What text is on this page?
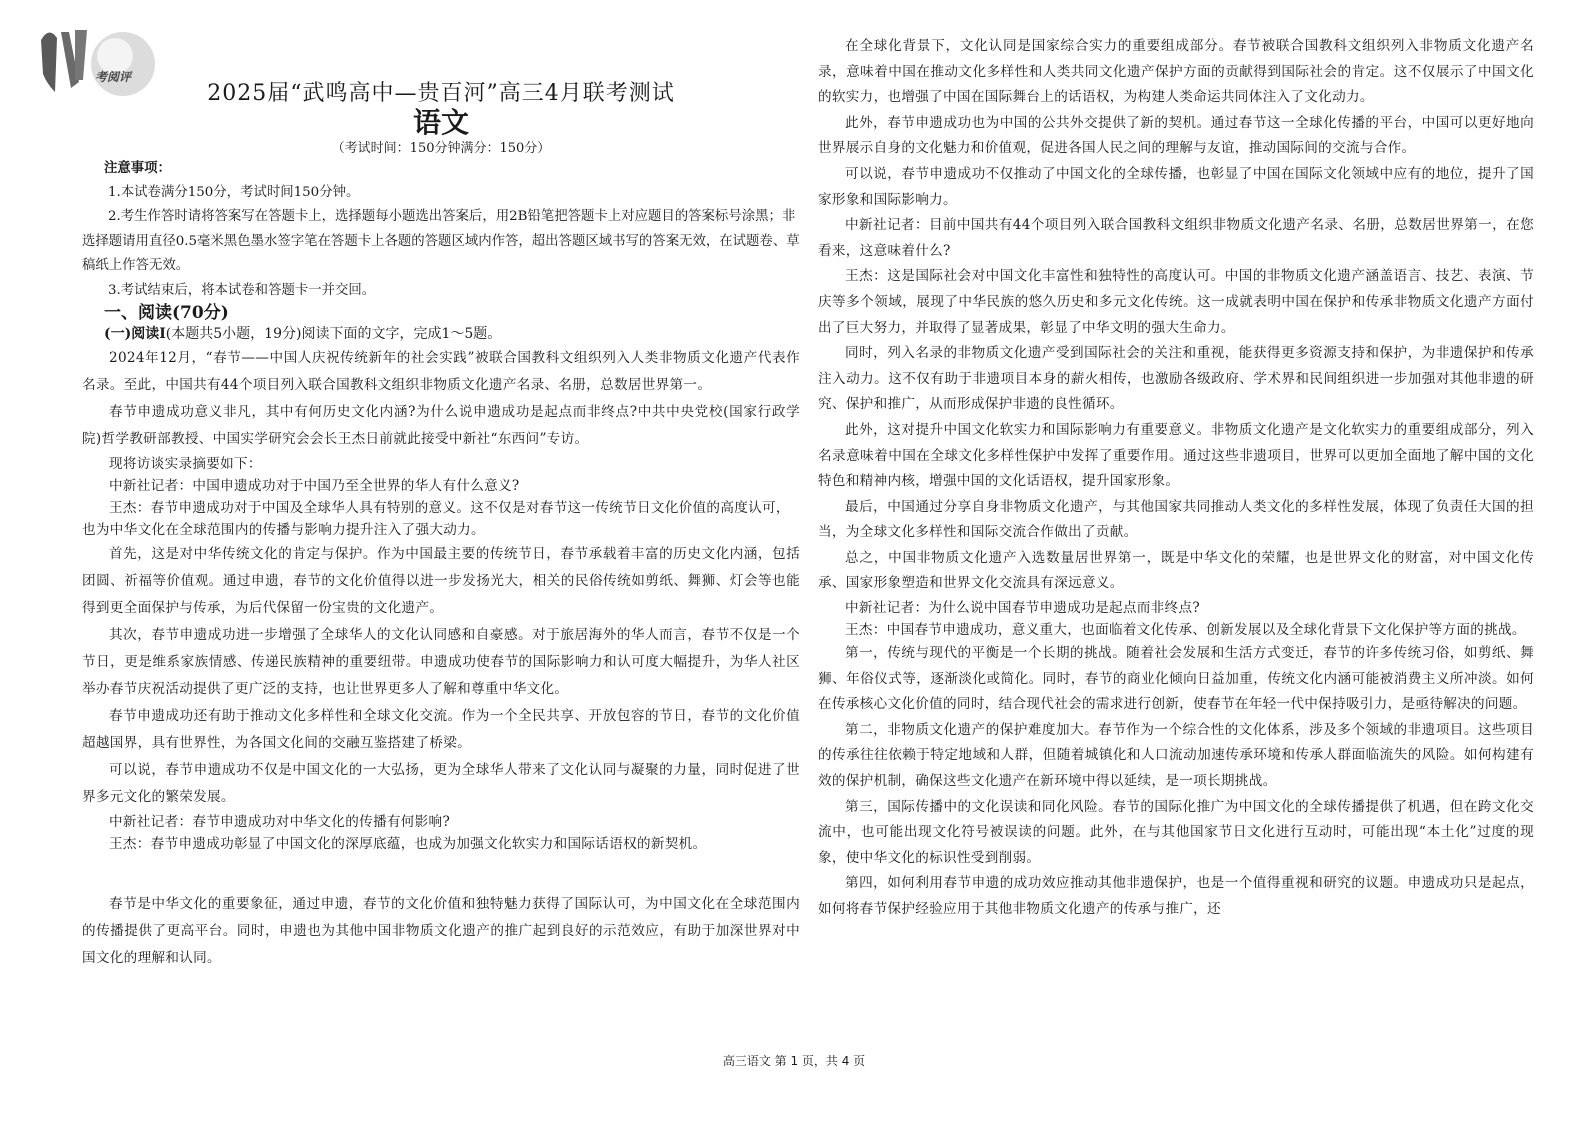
考阅评
2025届“武鸣高中—贵百河”高三4月联考测试
语文
（考试时间：150分钟满分：150分）
注意事项：
1.本试卷满分150分，考试时间150分钟。
2.考生作答时请将答案写在答题卡上，选择题每小题选出答案后，用2B铅笔把答题卡上对应题目的答案标号涂黑；非选择题请用直径0.5毫米黑色墨水签字笔在答题卡上各题的答题区域内作答，超出答题区域书写的答案无效，在试题卷、草稿纸上作答无效。
3.考试结束后，将本试卷和答题卡一并交回。
一、阅读(70分)
(一)阅读Ⅰ(本题共5小题，19分)阅读下面的文字，完成1～5题。

2024年12月，“春节——中国人庆祝传统新年的社会实践”被联合国教科文组织列入人类非物质文化遗产代表作名录。至此，中国共有44个项目列入联合国教科文组织非物质文化遗产名录、名册，总数居世界第一。

春节申遗成功意义非凡，其中有何历史文化内涵?为什么说申遗成功是起点而非终点?中共中央党校(国家行政学院)哲学教研部教授、中国实学研究会会长王杰日前就此接受中新社“东西问”专访。

现将访谈实录摘要如下：

中新社记者：中国申遗成功对于中国乃至全世界的华人有什么意义?

王杰：春节申遗成功对于中国及全球华人具有特别的意义。这不仅是对春节这一传统节日文化价值的高度认可，也为中华文化在全球范围内的传播与影响力提升注入了强大动力。

首先，这是对中华传统文化的肯定与保护。作为中国最主要的传统节日，春节承载着丰富的历史文化内涵，包括团圆、祈福等价值观。通过申遗，春节的文化价值得以进一步发扬光大，相关的民俗传统如剪纸、舞狮、灯会等也能得到更全面保护与传承，为后代保留一份宝贵的文化遗产。

其次，春节申遗成功进一步增强了全球华人的文化认同感和自豪感。对于旅居海外的华人而言，春节不仅是一个节日，更是维系家族情感、传递民族精神的重要纽带。申遗成功使春节的国际影响力和认可度大幅提升，为华人社区举办春节庆祝活动提供了更广泛的支持，也让世界更多人了解和尊重中华文化。

春节申遗成功还有助于推动文化多样性和全球文化交流。作为一个全民共享、开放包容的节日，春节的文化价值超越国界，具有世界性，为各国文化间的交融互鉴搭建了桥梁。

可以说，春节申遗成功不仅是中国文化的一大弘扬，更为全球华人带来了文化认同与凝聚的力量，同时促进了世界多元文化的繁荣发展。

中新社记者：春节申遗成功对中华文化的传播有何影响?

王杰：春节申遗成功彰显了中国文化的深厚底蕴，也成为加强文化软实力和国际话语权的新契机。

春节是中华文化的重要象征，通过申遗，春节的文化价值和独特魅力获得了国际认可，为中国文化在全球范围内的传播提供了更高平台。同时，申遗也为其他中国非物质文化遗产的推广起到良好的示范效应，有助于加深世界对中国文化的理解和认同。

在全球化背景下，文化认同是国家综合实力的重要组成部分。春节被联合国教科文组织列入非物质文化遗产名录，意味着中国在推动文化多样性和人类共同文化遗产保护方面的贡献得到国际社会的肯定。这不仅展示了中国文化的软实力，也增强了中国在国际舞台上的话语权，为构建人类命运共同体注入了文化动力。

此外，春节申遗成功也为中国的公共外交提供了新的契机。通过春节这一全球化传播的平台，中国可以更好地向世界展示自身的文化魅力和价值观，促进各国人民之间的理解与友谊，推动国际间的交流与合作。

可以说，春节申遗成功不仅推动了中国文化的全球传播，也彰显了中国在国际文化领域中应有的地位，提升了国家形象和国际影响力。

中新社记者：目前中国共有44个项目列入联合国教科文组织非物质文化遗产名录、名册，总数居世界第一，在您看来，这意味着什么?

王杰：这是国际社会对中国文化丰富性和独特性的高度认可。中国的非物质文化遗产涵盖语言、技艺、表演、节庆等多个领域，展现了中华民族的悠久历史和多元文化传统。这一成就表明中国在保护和传承非物质文化遗产方面付出了巨大努力，并取得了显著成果，彰显了中华文明的强大生命力。

同时，列入名录的非物质文化遗产受到国际社会的关注和重视，能获得更多资源支持和保护，为非遗保护和传承注入动力。这不仅有助于非遗项目本身的薪火相传，也激励各级政府、学术界和民间组织进一步加强对其他非遗的研究、保护和推广，从而形成保护非遗的良性循环。

此外，这对提升中国文化软实力和国际影响力有重要意义。非物质文化遗产是文化软实力的重要组成部分，列入名录意味着中国在全球文化多样性保护中发挥了重要作用。通过这些非遗项目，世界可以更加全面地了解中国的文化特色和精神内核，增强中国的文化话语权，提升国家形象。

最后，中国通过分享自身非物质文化遗产，与其他国家共同推动人类文化的多样性发展，体现了负责任大国的担当，为全球文化多样性和国际交流合作做出了贡献。

总之，中国非物质文化遗产入选数量居世界第一，既是中华文化的荣耀，也是世界文化的财富，对中国文化传承、国家形象塑造和世界文化交流具有深远意义。

中新社记者：为什么说中国春节申遗成功是起点而非终点?

王杰：中国春节申遗成功，意义重大，也面临着文化传承、创新发展以及全球化背景下文化保护等方面的挑战。

第一，传统与现代的平衡是一个长期的挑战。随着社会发展和生活方式变迁，春节的许多传统习俗，如剪纸、舞狮、年俗仪式等，逐渐淡化或简化。同时，春节的商业化倾向日益加重，传统文化内涵可能被消费主义所冲淡。如何在传承核心文化价值的同时，结合现代社会的需求进行创新，使春节在年轻一代中保持吸引力，是亟待解决的问题。

第二，非物质文化遗产的保护难度加大。春节作为一个综合性的文化体系，涉及多个领域的非遗项目。这些项目的传承往往依赖于特定地域和人群，但随着城镇化和人口流动加速传承环境和传承人群面临流失的风险。如何构建有效的保护机制，确保这些文化遗产在新环境中得以延续，是一项长期挑战。

第三，国际传播中的文化误读和同化风险。春节的国际化推广为中国文化的全球传播提供了机遇，但在跨文化交流中，也可能出现文化符号被误读的问题。此外，在与其他国家节日文化进行互动时，可能出现“本土化”过度的现象，使中华文化的标识性受到削弱。

第四，如何利用春节申遗的成功效应推动其他非遗保护，也是一个值得重视和研究的议题。申遗成功只是起点，如何将春节保护经验应用于其他非物质文化遗产的传承与推广，还

高三语文 第 1 页，共 4 页
